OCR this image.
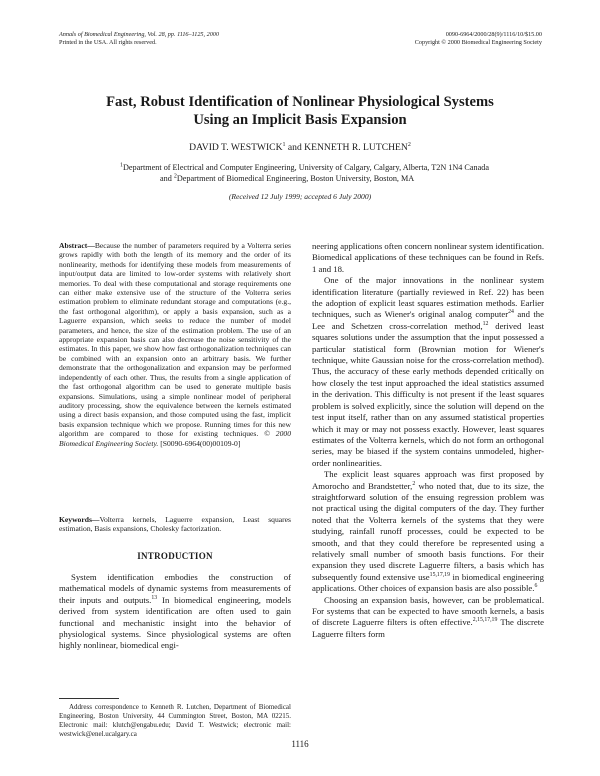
Annals of Biomedical Engineering, Vol. 28, pp. 1116–1125, 2000
Printed in the USA. All rights reserved.
0090-6964/2000/28(9)/1116/10/$15.00
Copyright © 2000 Biomedical Engineering Society
Fast, Robust Identification of Nonlinear Physiological Systems
Using an Implicit Basis Expansion
DAVID T. WESTWICK$^1$ and KENNETH R. LUTCHEN$^2$
$^1$Department of Electrical and Computer Engineering, University of Calgary, Calgary, Alberta, T2N 1N4 Canada
and $^2$Department of Biomedical Engineering, Boston University, Boston, MA
(Received 12 July 1999; accepted 6 July 2000)
Abstract—Because the number of parameters required by a Volterra series grows rapidly with both the length of its memory and the order of its nonlinearity, methods for identifying these models from measurements of input/output data are limited to low-order systems with relatively short memories. To deal with these computational and storage requirements one can either make extensive use of the structure of the Volterra series estimation problem to eliminate redundant storage and computations (e.g., the fast orthogonal algorithm), or apply a basis expansion, such as a Laguerre expansion, which seeks to reduce the number of model parameters, and hence, the size of the estimation problem. The use of an appropriate expansion basis can also decrease the noise sensitivity of the estimates. In this paper, we show how fast orthogonalization techniques can be combined with an expansion onto an arbitrary basis. We further demonstrate that the orthogonalization and expansion may be performed independently of each other. Thus, the results from a single application of the fast orthogonal algorithm can be used to generate multiple basis expansions. Simulations, using a simple nonlinear model of peripheral auditory processing, show the equivalence between the kernels estimated using a direct basis expansion, and those computed using the fast, implicit basis expansion technique which we propose. Running times for this new algorithm are compared to those for existing techniques. © 2000 Biomedical Engineering Society. [S0090-6964(00)00109-0]
Keywords—Volterra kernels, Laguerre expansion, Least squares estimation, Basis expansions, Cholesky factorization.
INTRODUCTION

System identification embodies the construction of mathematical models of dynamic systems from measurements of their inputs and outputs.$^{13}$ In biomedical engineering, models derived from system identification are often used to gain functional and mechanistic insight into the behavior of physiological systems. Since physiological systems are often highly nonlinear, biomedical engi-

neering applications often concern nonlinear system identification. Biomedical applications of these techniques can be found in Refs. 1 and 18.

One of the major innovations in the nonlinear system identification literature (partially reviewed in Ref. 22) has been the adoption of explicit least squares estimation methods. Earlier techniques, such as Wiener's original analog computer$^{24}$ and the Lee and Schetzen cross-correlation method,$^{12}$ derived least squares solutions under the assumption that the input possessed a particular statistical form (Brownian motion for Wiener's technique, white Gaussian noise for the cross-correlation method). Thus, the accuracy of these early methods depended critically on how closely the test input approached the ideal statistics assumed in the derivation. This difficulty is not present if the least squares problem is solved explicitly, since the solution will depend on the test input itself, rather than on any assumed statistical properties which it may or may not possess exactly. However, least squares estimates of the Volterra kernels, which do not form an orthogonal series, may be biased if the system contains unmodeled, higher-order nonlinearities.

The explicit least squares approach was first proposed by Amorocho and Brandstetter,$^2$ who noted that, due to its size, the straightforward solution of the ensuing regression problem was not practical using the digital computers of the day. They further noted that the Volterra kernels of the systems that they were studying, rainfall runoff processes, could be expected to be smooth, and that they could therefore be represented using a relatively small number of smooth basis functions. For their expansion they used discrete Laguerre filters, a basis which has subsequently found extensive use$^{15,17,19}$ in biomedical engineering applications. Other choices of expansion basis are also possible.$^6$

Choosing an expansion basis, however, can be problematical. For systems that can be expected to have smooth kernels, a basis of discrete Laguerre filters is often effective.$^{2,15,17,19}$ The discrete Laguerre filters form

Address correspondence to Kenneth R. Lutchen, Department of Biomedical Engineering, Boston University, 44 Cummington Street, Boston, MA 02215. Electronic mail: klutch@engabu.edu; David T. Westwick; electronic mail: westwick@enel.ucalgary.ca
1116
